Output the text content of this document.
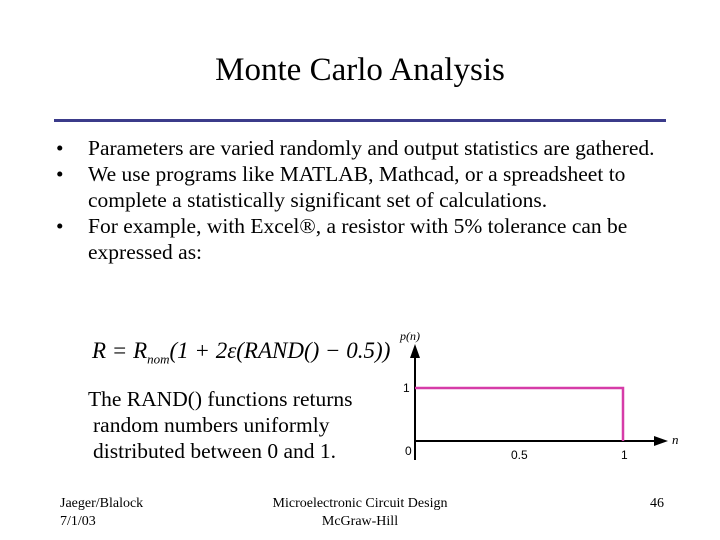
Monte Carlo Analysis
•	Parameters are varied randomly and output statistics are gathered.
•	We use programs like MATLAB, Mathcad, or a spreadsheet to complete a statistically significant set of calculations.
•	For example, with Excel®, a resistor with 5% tolerance can be expressed as:
$R = R_{nom}(1$ + 2ε(RAND() − 0.5))
The RAND() functions returns
random numbers uniformly
distributed between 0 and 1.
p(n)
n
1
0	0.5	1
Jaeger/Blalock
7/1/03
Microelectronic Circuit Design
McGraw-Hill
46
